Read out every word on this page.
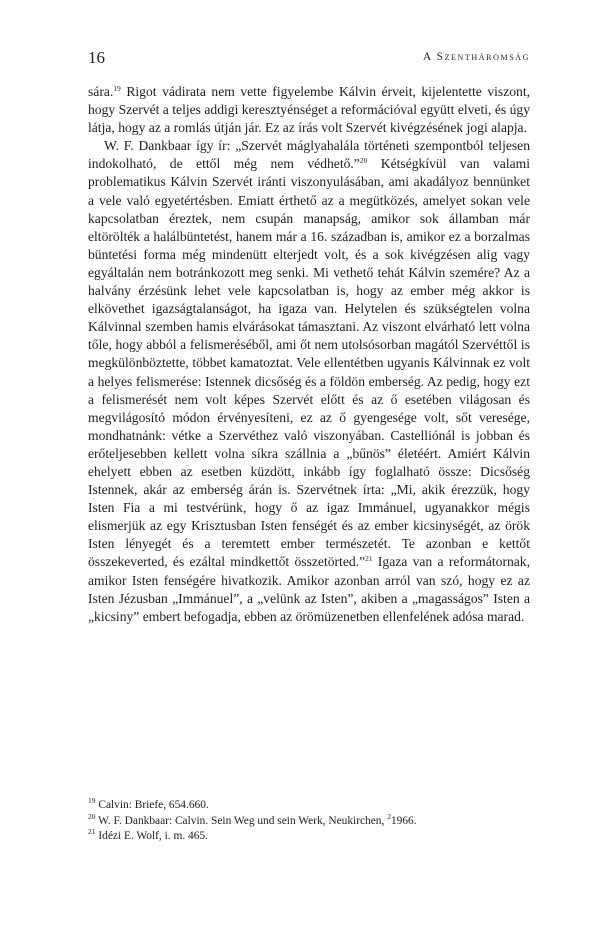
16	A Szentháromság

sára.$^{19}$ Rigot vádirata nem vette figyelembe Kálvin érveit, kijelentette viszont, hogy Szervét a teljes addigi keresztyénséget a reformációval együtt elveti, és úgy látja, hogy az a romlás útján jár. Ez az írás volt Szervét kivégzésének jogi alapja.

W. F. Dankbaar így ír: „Szervét máglyahalála történeti szempontból teljesen indokolható, de ettől még nem védhető.”$^{20}$ Kétségkívül van valami problematikus Kálvin Szervét iránti viszonyulásában, ami akadályoz bennünket a vele való egyetértésben. Emiatt érthető az a megütközés, amelyet sokan vele kapcsolatban éreztek, nem csupán manapság, amikor sok államban már eltörölték a halálbüntetést, hanem már a 16. században is, amikor ez a borzalmas büntetési forma még mindenütt elterjedt volt, és a sok kivégzésen alig vagy egyáltalán nem botránkozott meg senki. Mi vethető tehát Kálvin szemére? Az a halvány érzésünk lehet vele kapcsolatban is, hogy az ember még akkor is elkövethet igazságtalanságot, ha igaza van. Helytelen és szükségtelen volna Kálvinnal szemben hamis elvárásokat támasztani. Az viszont elvárható lett volna tőle, hogy abból a felismeréséből, ami őt nem utolsósorban magától Szervéttől is megkülönböztette, többet kamatoztat. Vele ellentétben ugyanis Kálvinnak ez volt a helyes felismerése: Istennek dicsőség és a földön emberség. Az pedig, hogy ezt a felismerését nem volt képes Szervét előtt és az ő esetében világosan és megvilágosító módon érvényesíteni, ez az ő gyengesége volt, sőt veresége, mondhatnánk: vétke a Szervéthez való viszonyában. Castelliónál is jobban és erőteljesebben kellett volna síkra szállnia a „bűnös” életéért. Amiért Kálvin ehelyett ebben az esetben küzdött, inkább így foglalható össze: Dicsőség Istennek, akár az emberség árán is. Szervétnek írta: „Mi, akik érezzük, hogy Isten Fia a mi testvérünk, hogy ő az igaz Immánuel, ugyanakkor mégis elismerjük az egy Krisztusban Isten fenségét és az ember kicsinységét, az örök Isten lényegét és a teremtett ember természetét. Te azonban e kettőt összekeverted, és ezáltal mindkettőt összetörted.”$^{21}$ Igaza van a reformátornak, amikor Isten fenségére hivatkozik. Amikor azonban arról van szó, hogy ez az Isten Jézusban „Immánuel”, a „velünk az Isten”, akiben a „magasságos” Isten a „kicsiny” embert befogadja, ebben az örömüzenetben ellenfelének adósa marad.

$^{19}$ Calvin: Briefe, 654.660.

$^{20}$ W. F. Dankbaar: Calvin. Sein Weg und sein Werk, Neukirchen, $^2$1966.

$^{21}$ Idézi E. Wolf, i. m. 465.
